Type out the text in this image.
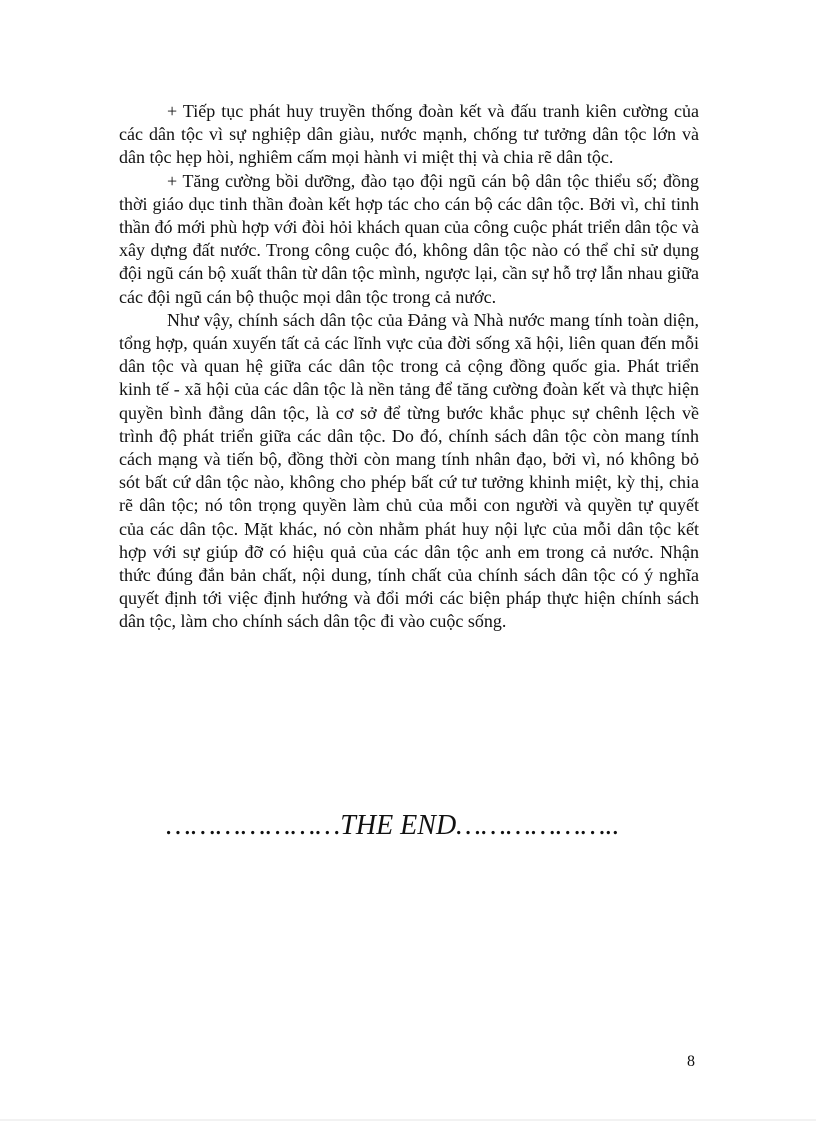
+ Tiếp tục phát huy truyền thống đoàn kết và đấu tranh kiên cường của các dân tộc vì sự nghiệp dân giàu, nước mạnh, chống tư tưởng dân tộc lớn và dân tộc hẹp hòi, nghiêm cấm mọi hành vi miệt thị và chia rẽ dân tộc.

+ Tăng cường bồi dưỡng, đào tạo đội ngũ cán bộ dân tộc thiểu số; đồng thời giáo dục tinh thần đoàn kết hợp tác cho cán bộ các dân tộc. Bởi vì, chỉ tinh thần đó mới phù hợp với đòi hỏi khách quan của công cuộc phát triển dân tộc và xây dựng đất nước. Trong công cuộc đó, không dân tộc nào có thể chỉ sử dụng đội ngũ cán bộ xuất thân từ dân tộc mình, ngược lại, cần sự hỗ trợ lẫn nhau giữa các đội ngũ cán bộ thuộc mọi dân tộc trong cả nước.

Như vậy, chính sách dân tộc của Đảng và Nhà nước mang tính toàn diện, tổng hợp, quán xuyến tất cả các lĩnh vực của đời sống xã hội, liên quan đến mỗi dân tộc và quan hệ giữa các dân tộc trong cả cộng đồng quốc gia. Phát triển kinh tế - xã hội của các dân tộc là nền tảng để tăng cường đoàn kết và thực hiện quyền bình đẳng dân tộc, là cơ sở để từng bước khắc phục sự chênh lệch về trình độ phát triển giữa các dân tộc. Do đó, chính sách dân tộc còn mang tính cách mạng và tiến bộ, đồng thời còn mang tính nhân đạo, bởi vì, nó không bỏ sót bất cứ dân tộc nào, không cho phép bất cứ tư tưởng khinh miệt, kỳ thị, chia rẽ dân tộc; nó tôn trọng quyền làm chủ của mỗi con người và quyền tự quyết của các dân tộc. Mặt khác, nó còn nhằm phát huy nội lực của mỗi dân tộc kết hợp với sự giúp đỡ có hiệu quả của các dân tộc anh em trong cả nước. Nhận thức đúng đắn bản chất, nội dung, tính chất của chính sách dân tộc có ý nghĩa quyết định tới việc định hướng và đổi mới các biện pháp thực hiện chính sách dân tộc, làm cho chính sách dân tộc đi vào cuộc sống.

…………………THE END………………..
8
